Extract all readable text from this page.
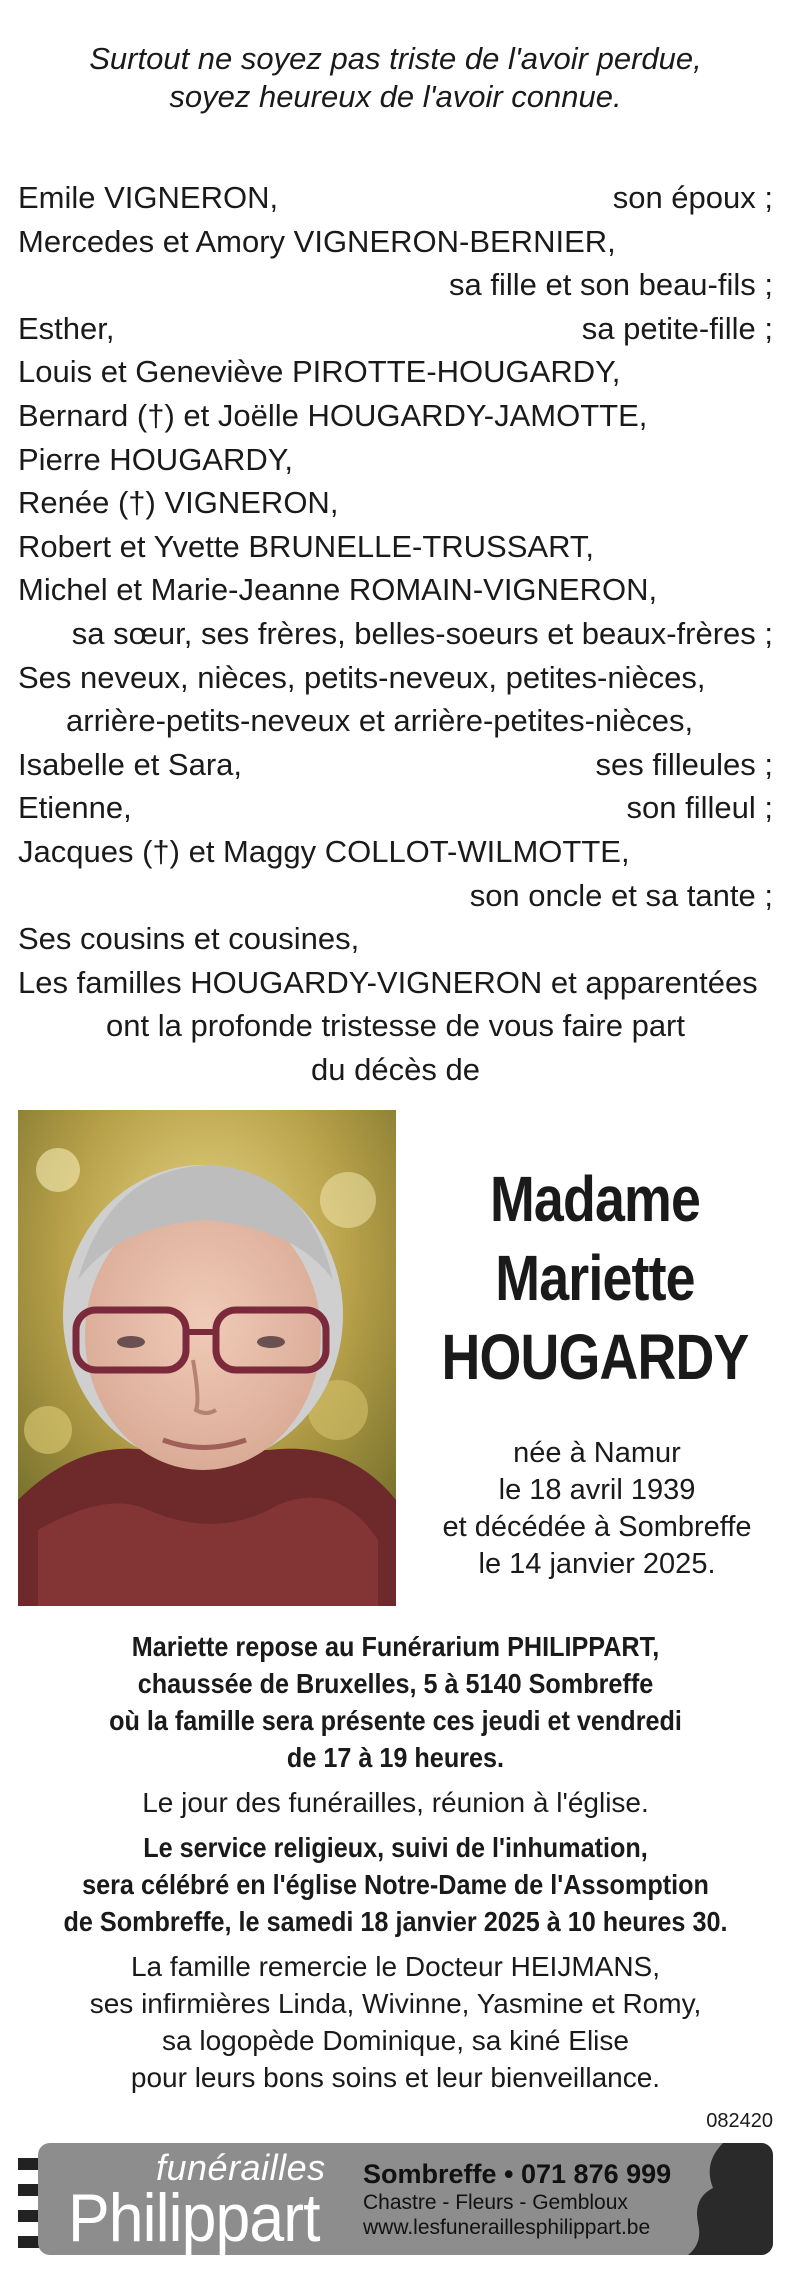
Surtout ne soyez pas triste de l'avoir perdue,
soyez heureux de l'avoir connue.
Emile VIGNERON,	son époux ;
Mercedes et Amory VIGNERON-BERNIER,
sa fille et son beau-fils ;
Esther,	sa petite-fille ;
Louis et Geneviève PIROTTE-HOUGARDY,
Bernard (†) et Joëlle HOUGARDY-JAMOTTE,
Pierre HOUGARDY,
Renée (†) VIGNERON,
Robert et Yvette BRUNELLE-TRUSSART,
Michel et Marie-Jeanne ROMAIN-VIGNERON,
sa sœur, ses frères, belles-soeurs et beaux-frères ;
Ses neveux, nièces, petits-neveux, petites-nièces,
arrière-petits-neveux et arrière-petites-nièces,
Isabelle et Sara,	ses filleules ;
Etienne,	son filleul ;
Jacques (†) et Maggy COLLOT-WILMOTTE,
son oncle et sa tante ;
Ses cousins et cousines,
Les familles HOUGARDY-VIGNERON et apparentées
ont la profonde tristesse de vous faire part
du décès de
Madame
Mariette
HOUGARDY
née à Namur
le 18 avril 1939
et décédée à Sombreffe
le 14 janvier 2025.
Mariette repose au Funérarium PHILIPPART,
chaussée de Bruxelles, 5 à 5140 Sombreffe
où la famille sera présente ces jeudi et vendredi
de 17 à 19 heures.
Le jour des funérailles, réunion à l'église.
Le service religieux, suivi de l'inhumation,
sera célébré en l'église Notre-Dame de l'Assomption
de Sombreffe, le samedi 18 janvier 2025 à 10 heures 30.
La famille remercie le Docteur HEIJMANS,
ses infirmières Linda, Wivinne, Yasmine et Romy,
sa logopède Dominique, sa kiné Elise
pour leurs bons soins et leur bienveillance.
082420
funérailles
Philippart
Sombreffe • 071 876 999
Chastre - Fleurs - Gembloux
www.lesfuneraillesphilippart.be
